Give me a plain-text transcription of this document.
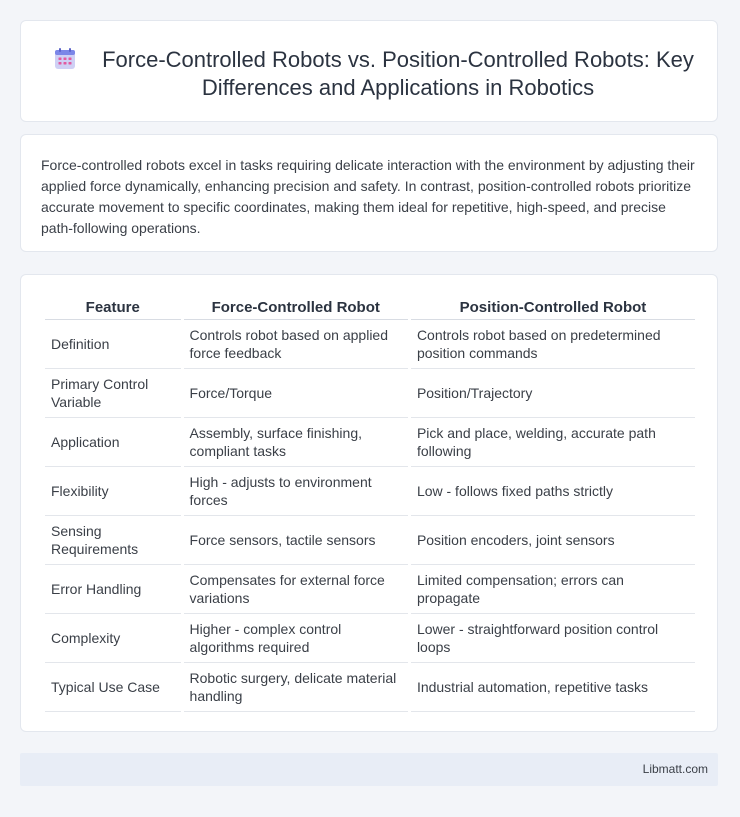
Force-Controlled Robots vs. Position-Controlled Robots: Key Differences and Applications in Robotics

Force-controlled robots excel in tasks requiring delicate interaction with the environment by adjusting their applied force dynamically, enhancing precision and safety. In contrast, position-controlled robots prioritize accurate movement to specific coordinates, making them ideal for repetitive, high-speed, and precise path-following operations.

Feature	Force-Controlled Robot	Position-Controlled Robot
Definition	Controls robot based on applied force feedback	Controls robot based on predetermined position commands
Primary Control Variable	Force/Torque	Position/Trajectory
Application	Assembly, surface finishing, compliant tasks	Pick and place, welding, accurate path following
Flexibility	High - adjusts to environment forces	Low - follows fixed paths strictly
Sensing Requirements	Force sensors, tactile sensors	Position encoders, joint sensors
Error Handling	Compensates for external force variations	Limited compensation; errors can propagate
Complexity	Higher - complex control algorithms required	Lower - straightforward position control loops
Typical Use Case	Robotic surgery, delicate material handling	Industrial automation, repetitive tasks
Libmatt.com
